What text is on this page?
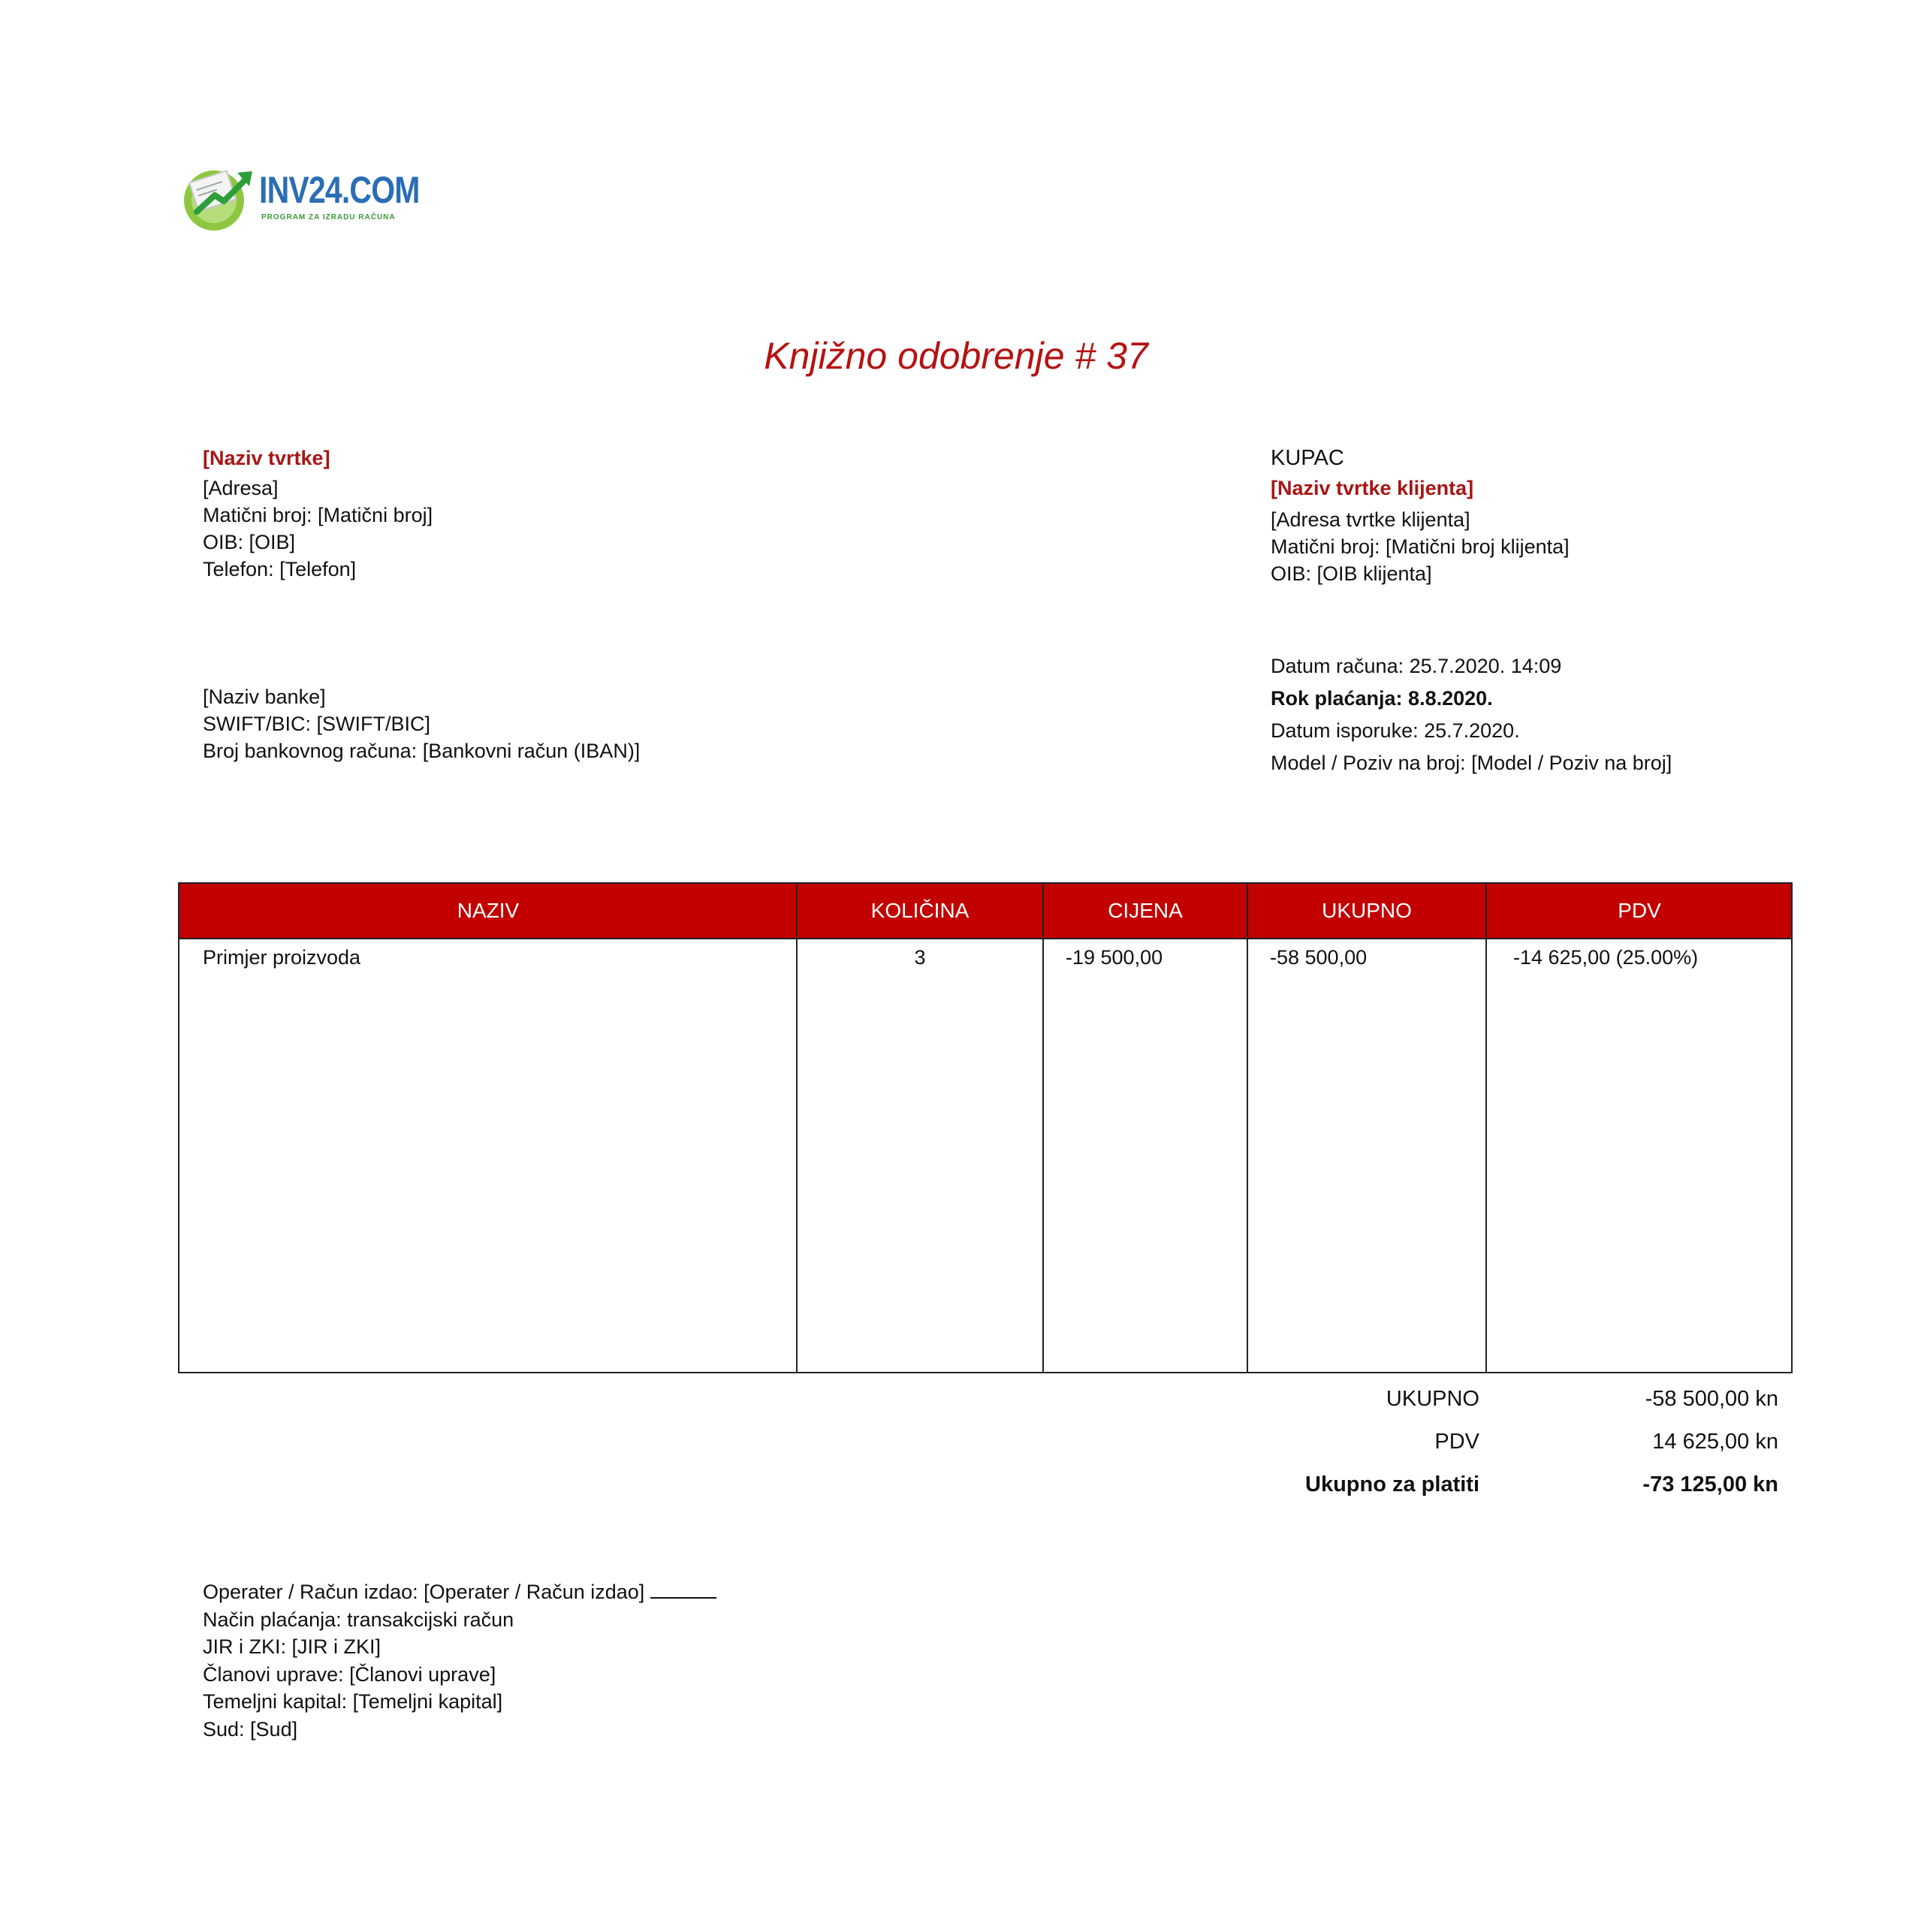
INV24.COM
PROGRAM ZA IZRADU RAČUNA
Knjižno odobrenje # 37
[Naziv tvrtke]
[Adresa]
Matični broj: [Matični broj]
OIB: [OIB]
Telefon: [Telefon]
[Naziv banke]
SWIFT/BIC: [SWIFT/BIC]
Broj bankovnog računa: [Bankovni račun (IBAN)]
KUPAC
[Naziv tvrtke klijenta]
[Adresa tvrtke klijenta]
Matični broj: [Matični broj klijenta]
OIB: [OIB klijenta]
Datum računa: 25.7.2020. 14:09
Rok plaćanja: 8.8.2020.
Datum isporuke: 25.7.2020.
Model / Poziv na broj: [Model / Poziv na broj]
NAZIV	KOLIČINA	CIJENA	UKUPNO	PDV
Primjer proizvoda	3	-19 500,00	-58 500,00	-14 625,00 (25.00%)
UKUPNO	-58 500,00 kn
PDV	14 625,00 kn
Ukupno za platiti	-73 125,00 kn
Operater / Račun izdao: [Operater / Račun izdao]
Način plaćanja: transakcijski račun
JIR i ZKI: [JIR i ZKI]
Članovi uprave: [Članovi uprave]
Temeljni kapital: [Temeljni kapital]
Sud: [Sud]
